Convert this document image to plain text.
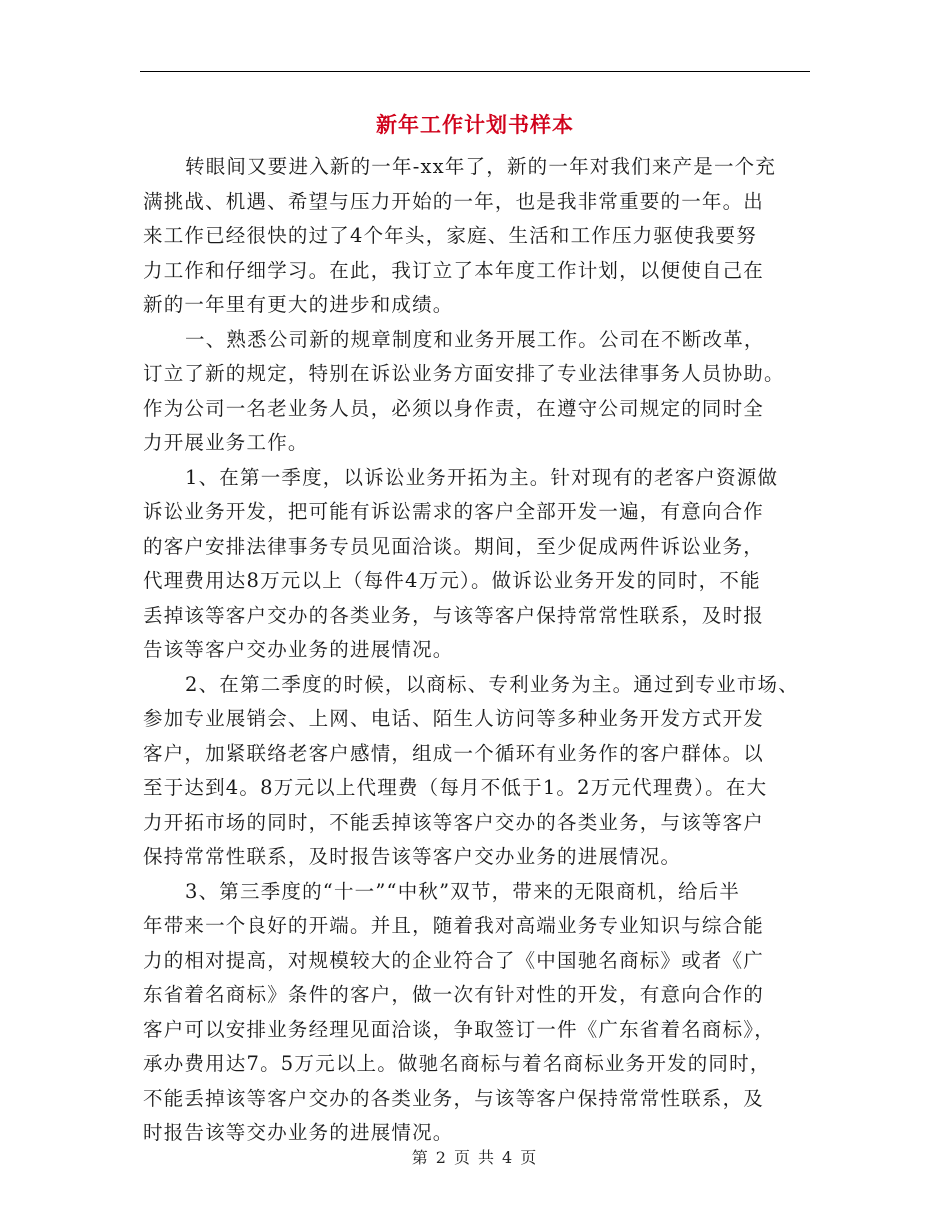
新年工作计划书样本
转眼间又要进入新的一年-xx年了，新的一年对我们来产是一个充
满挑战、机遇、希望与压力开始的一年，也是我非常重要的一年。出
来工作已经很快的过了4个年头，家庭、生活和工作压力驱使我要努
力工作和仔细学习。在此，我订立了本年度工作计划，以便使自己在
新的一年里有更大的进步和成绩。
一、熟悉公司新的规章制度和业务开展工作。公司在不断改革，
订立了新的规定，特别在诉讼业务方面安排了专业法律事务人员协助。
作为公司一名老业务人员，必须以身作责，在遵守公司规定的同时全
力开展业务工作。
1、在第一季度，以诉讼业务开拓为主。针对现有的老客户资源做
诉讼业务开发，把可能有诉讼需求的客户全部开发一遍，有意向合作
的客户安排法律事务专员见面洽谈。期间，至少促成两件诉讼业务，
代理费用达8万元以上（每件4万元）。做诉讼业务开发的同时，不能
丢掉该等客户交办的各类业务，与该等客户保持常常性联系，及时报
告该等客户交办业务的进展情况。
2、在第二季度的时候，以商标、专利业务为主。通过到专业市场、
参加专业展销会、上网、电话、陌生人访问等多种业务开发方式开发
客户，加紧联络老客户感情，组成一个循环有业务作的客户群体。以
至于达到4。8万元以上代理费（每月不低于1。2万元代理费）。在大
力开拓市场的同时，不能丢掉该等客户交办的各类业务，与该等客户
保持常常性联系，及时报告该等客户交办业务的进展情况。
3、第三季度的“十一”“中秋”双节，带来的无限商机，给后半
年带来一个良好的开端。并且，随着我对高端业务专业知识与综合能
力的相对提高，对规模较大的企业符合了《中国驰名商标》或者《广
东省着名商标》条件的客户，做一次有针对性的开发，有意向合作的
客户可以安排业务经理见面洽谈，争取签订一件《广东省着名商标》，
承办费用达7。5万元以上。做驰名商标与着名商标业务开发的同时，
不能丢掉该等客户交办的各类业务，与该等客户保持常常性联系，及
时报告该等交办业务的进展情况。
第 2 页 共 4 页
